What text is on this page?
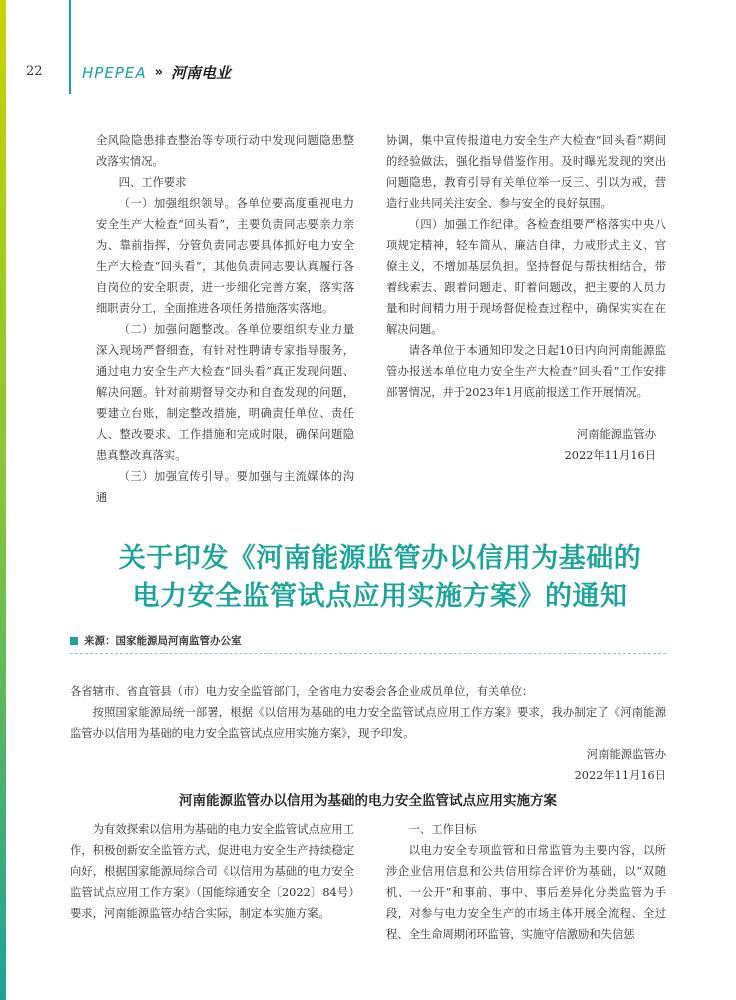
22	HPEPEA » 河南电业

全风险隐患排查整治等专项行动中发现问题隐患整改落实情况。

四、工作要求

（一）加强组织领导。各单位要高度重视电力安全生产大检查“回头看”，主要负责同志要亲力亲为、靠前指挥，分管负责同志要具体抓好电力安全生产大检查“回头看”，其他负责同志要认真履行各自岗位的安全职责，进一步细化完善方案，落实落细职责分工，全面推进各项任务措施落实落地。

（二）加强问题整改。各单位要组织专业力量深入现场严督细查，有针对性聘请专家指导服务，通过电力安全生产大检查“回头看”真正发现问题、解决问题。针对前期督导交办和自查发现的问题，要建立台账，制定整改措施，明确责任单位、责任人、整改要求、工作措施和完成时限，确保问题隐患真整改真落实。

（三）加强宣传引导。要加强与主流媒体的沟通

协调，集中宣传报道电力安全生产大检查“回头看”期间的经验做法，强化指导借鉴作用。及时曝光发现的突出问题隐患，教育引导有关单位举一反三、引以为戒，营造行业共同关注安全、参与安全的良好氛围。

（四）加强工作纪律。各检查组要严格落实中央八项规定精神，轻车简从、廉洁自律，力戒形式主义、官僚主义，不增加基层负担。坚持督促与帮扶相结合，带着线索去、跟着问题走、盯着问题改，把主要的人员力量和时间精力用于现场督促检查过程中，确保实实在在解决问题。

请各单位于本通知印发之日起10日内向河南能源监管办报送本单位电力安全生产大检查“回头看”工作安排部署情况，并于2023年1月底前报送工作开展情况。

河南能源监管办

2022年11月16日

关于印发《河南能源监管办以信用为基础的
电力安全监管试点应用实施方案》的通知
来源：国家能源局河南监管办公室

各省辖市、省直管县（市）电力安全监管部门，全省电力安委会各企业成员单位，有关单位：

按照国家能源局统一部署，根据《以信用为基础的电力安全监管试点应用工作方案》要求，我办制定了《河南能源监管办以信用为基础的电力安全监管试点应用实施方案》，现予印发。

河南能源监管办

2022年11月16日

河南能源监管办以信用为基础的电力安全监管试点应用实施方案

为有效探索以信用为基础的电力安全监管试点应用工作，积极创新安全监管方式，促进电力安全生产持续稳定向好，根据国家能源局综合司《以信用为基础的电力安全监管试点应用工作方案》（国能综通安全〔2022〕84号）要求，河南能源监管办结合实际，制定本实施方案。

一、工作目标

以电力安全专项监管和日常监管为主要内容，以所涉企业信用信息和公共信用综合评价为基础，以“双随机、一公开”和事前、事中、事后差异化分类监管为手段，对参与电力安全生产的市场主体开展全流程、全过程、全生命周期闭环监管，实施守信激励和失信惩
